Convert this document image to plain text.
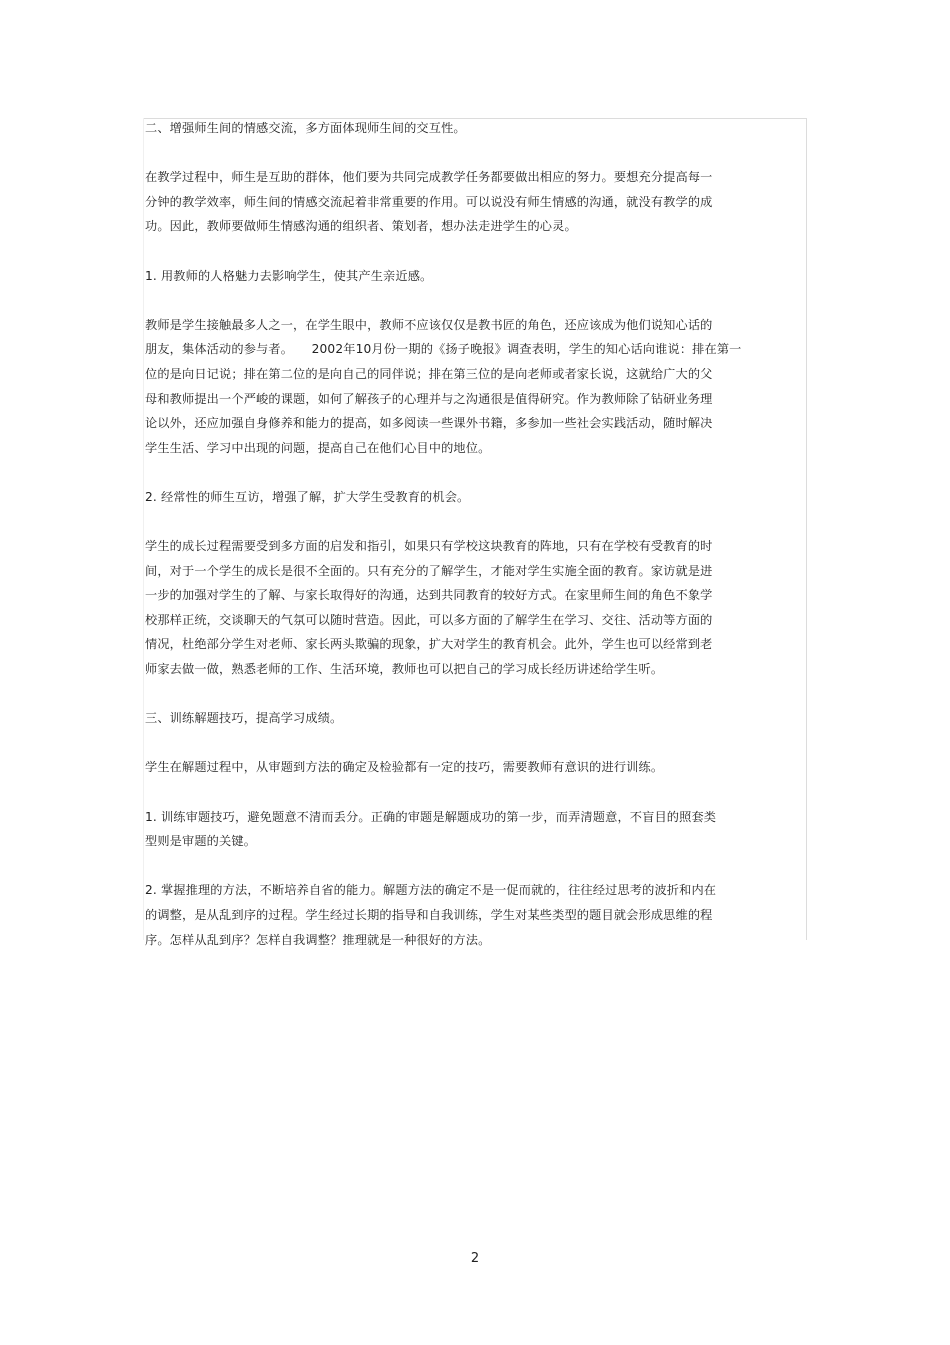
二、增强师生间的情感交流，多方面体现师生间的交互性。

在教学过程中，师生是互助的群体，他们要为共同完成教学任务都要做出相应的努力。要想充分提高每一
分钟的教学效率，师生间的情感交流起着非常重要的作用。可以说没有师生情感的沟通，就没有教学的成
功。因此，教师要做师生情感沟通的组织者、策划者，想办法走进学生的心灵。

1. 用教师的人格魅力去影响学生，使其产生亲近感。

教师是学生接触最多人之一，在学生眼中，教师不应该仅仅是教书匠的角色，还应该成为他们说知心话的
朋友，集体活动的参与者。　　2002年10月份一期的《扬子晚报》调查表明，学生的知心话向谁说：排在第一
位的是向日记说；排在第二位的是向自己的同伴说；排在第三位的是向老师或者家长说，这就给广大的父
母和教师提出一个严峻的课题，如何了解孩子的心理并与之沟通很是值得研究。作为教师除了钻研业务理
论以外，还应加强自身修养和能力的提高，如多阅读一些课外书籍，多参加一些社会实践活动，随时解决
学生生活、学习中出现的问题，提高自己在他们心目中的地位。

2. 经常性的师生互访，增强了解，扩大学生受教育的机会。

学生的成长过程需要受到多方面的启发和指引，如果只有学校这块教育的阵地，只有在学校有受教育的时
间，对于一个学生的成长是很不全面的。只有充分的了解学生，才能对学生实施全面的教育。家访就是进
一步的加强对学生的了解、与家长取得好的沟通，达到共同教育的较好方式。在家里师生间的角色不象学
校那样正统，交谈聊天的气氛可以随时营造。因此，可以多方面的了解学生在学习、交往、活动等方面的
情况，杜绝部分学生对老师、家长两头欺骗的现象，扩大对学生的教育机会。此外，学生也可以经常到老
师家去做一做，熟悉老师的工作、生活环境，教师也可以把自己的学习成长经历讲述给学生听。

三、训练解题技巧，提高学习成绩。

学生在解题过程中，从审题到方法的确定及检验都有一定的技巧，需要教师有意识的进行训练。

1. 训练审题技巧，避免题意不清而丢分。正确的审题是解题成功的第一步，而弄清题意，不盲目的照套类
型则是审题的关键。

2. 掌握推理的方法，不断培养自省的能力。解题方法的确定不是一促而就的，往往经过思考的波折和内在
的调整，是从乱到序的过程。学生经过长期的指导和自我训练，学生对某些类型的题目就会形成思维的程
序。怎样从乱到序？怎样自我调整？推理就是一种很好的方法。

2
